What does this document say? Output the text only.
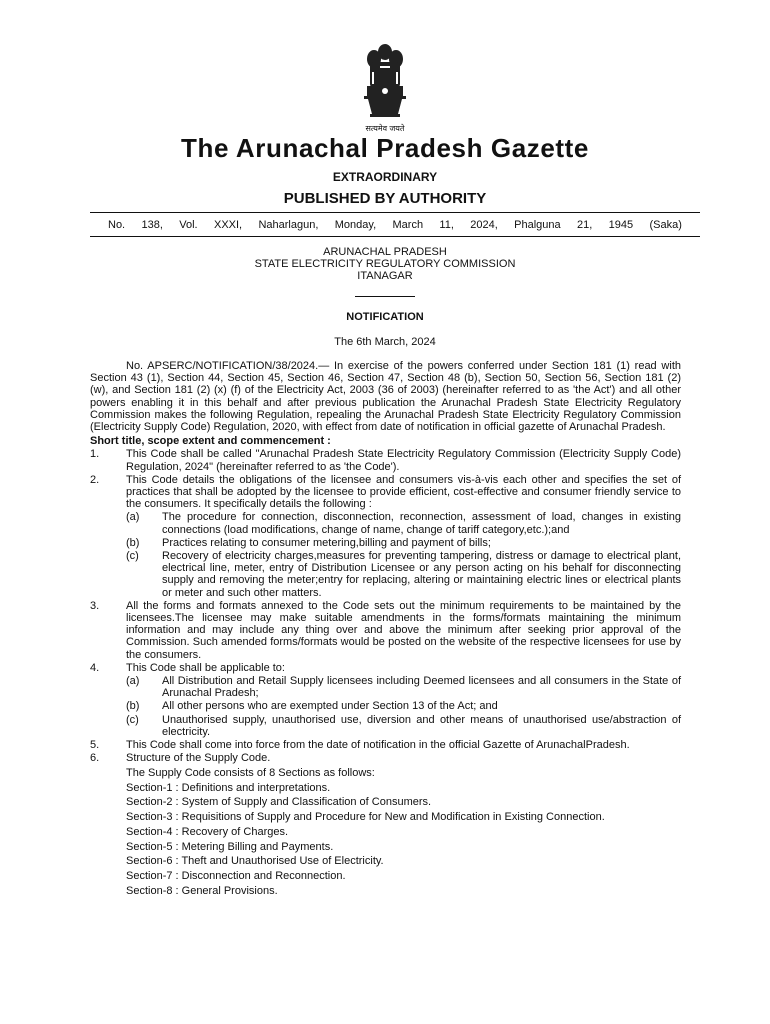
सत्यमेव जयते
The Arunachal Pradesh Gazette
EXTRAORDINARY
PUBLISHED BY AUTHORITY
No. 138, Vol. XXXI, Naharlagun, Monday, March 11, 2024, Phalguna 21, 1945 (Saka)
ARUNACHAL PRADESH
STATE ELECTRICITY REGULATORY COMMISSION
ITANAGAR
NOTIFICATION
The 6th March, 2024

No. APSERC/NOTIFICATION/38/2024.— In exercise of the powers conferred under Section 181 (1) read with Section 43 (1), Section 44, Section 45, Section 46, Section 47, Section 48 (b), Section 50, Section 56, Section 181 (2) (w), and Section 181 (2) (x) (f) of the Electricity Act, 2003 (36 of 2003) (hereinafter referred to as 'the Act') and all other powers enabling it in this behalf and after previous publication the Arunachal Pradesh State Electricity Regulatory Commission makes the following Regulation, repealing the Arunachal Pradesh State Electricity Regulatory Commission (Electricity Supply Code) Regulation, 2020, with effect from date of notification in official gazette of Arunachal Pradesh.

Short title, scope extent and commencement :

1.	This Code shall be called "Arunachal Pradesh State Electricity Regulatory Commission (Electricity Supply Code) Regulation, 2024" (hereinafter referred to as 'the Code').
2.	This Code details the obligations of the licensee and consumers vis-à-vis each other and specifies the set of practices that shall be adopted by the licensee to provide efficient, cost-effective and consumer friendly service to the consumers. It specifically details the following :
(a)	The procedure for connection, disconnection, reconnection, assessment of load, changes in existing connections (load modifications, change of name, change of tariff category,etc.);and
(b)	Practices relating to consumer metering,billing and payment of bills;
(c)	Recovery of electricity charges,measures for preventing tampering, distress or damage to electrical plant, electrical line, meter, entry of Distribution Licensee or any person acting on his behalf for disconnecting supply and removing the meter;entry for replacing, altering or maintaining electric lines or electrical plants or meter and such other matters.
3.	All the forms and formats annexed to the Code sets out the minimum requirements to be maintained by the licensees.The licensee may make suitable amendments in the forms/formats maintaining the minimum information and may include any thing over and above the minimum after seeking prior approval of the Commission. Such amended forms/formats would be posted on the website of the respective licensees for use by the consumers.
4.	This Code shall be applicable to:
(a)	All Distribution and Retail Supply licensees including Deemed licensees and all consumers in the State of Arunachal Pradesh;
(b)	All other persons who are exempted under Section 13 of the Act; and
(c)	Unauthorised supply, unauthorised use, diversion and other means of unauthorised use/abstraction of electricity.
5.	This Code shall come into force from the date of notification in the official Gazette of ArunachalPradesh.
6.	Structure of the Supply Code.
The Supply Code consists of 8 Sections as follows:
Section-1 : Definitions and interpretations.
Section-2 : System of Supply and Classification of Consumers.
Section-3 : Requisitions of Supply and Procedure for New and Modification in Existing Connection.
Section-4 : Recovery of Charges.
Section-5 : Metering Billing and Payments.
Section-6 : Theft and Unauthorised Use of Electricity.
Section-7 : Disconnection and Reconnection.
Section-8 : General Provisions.
